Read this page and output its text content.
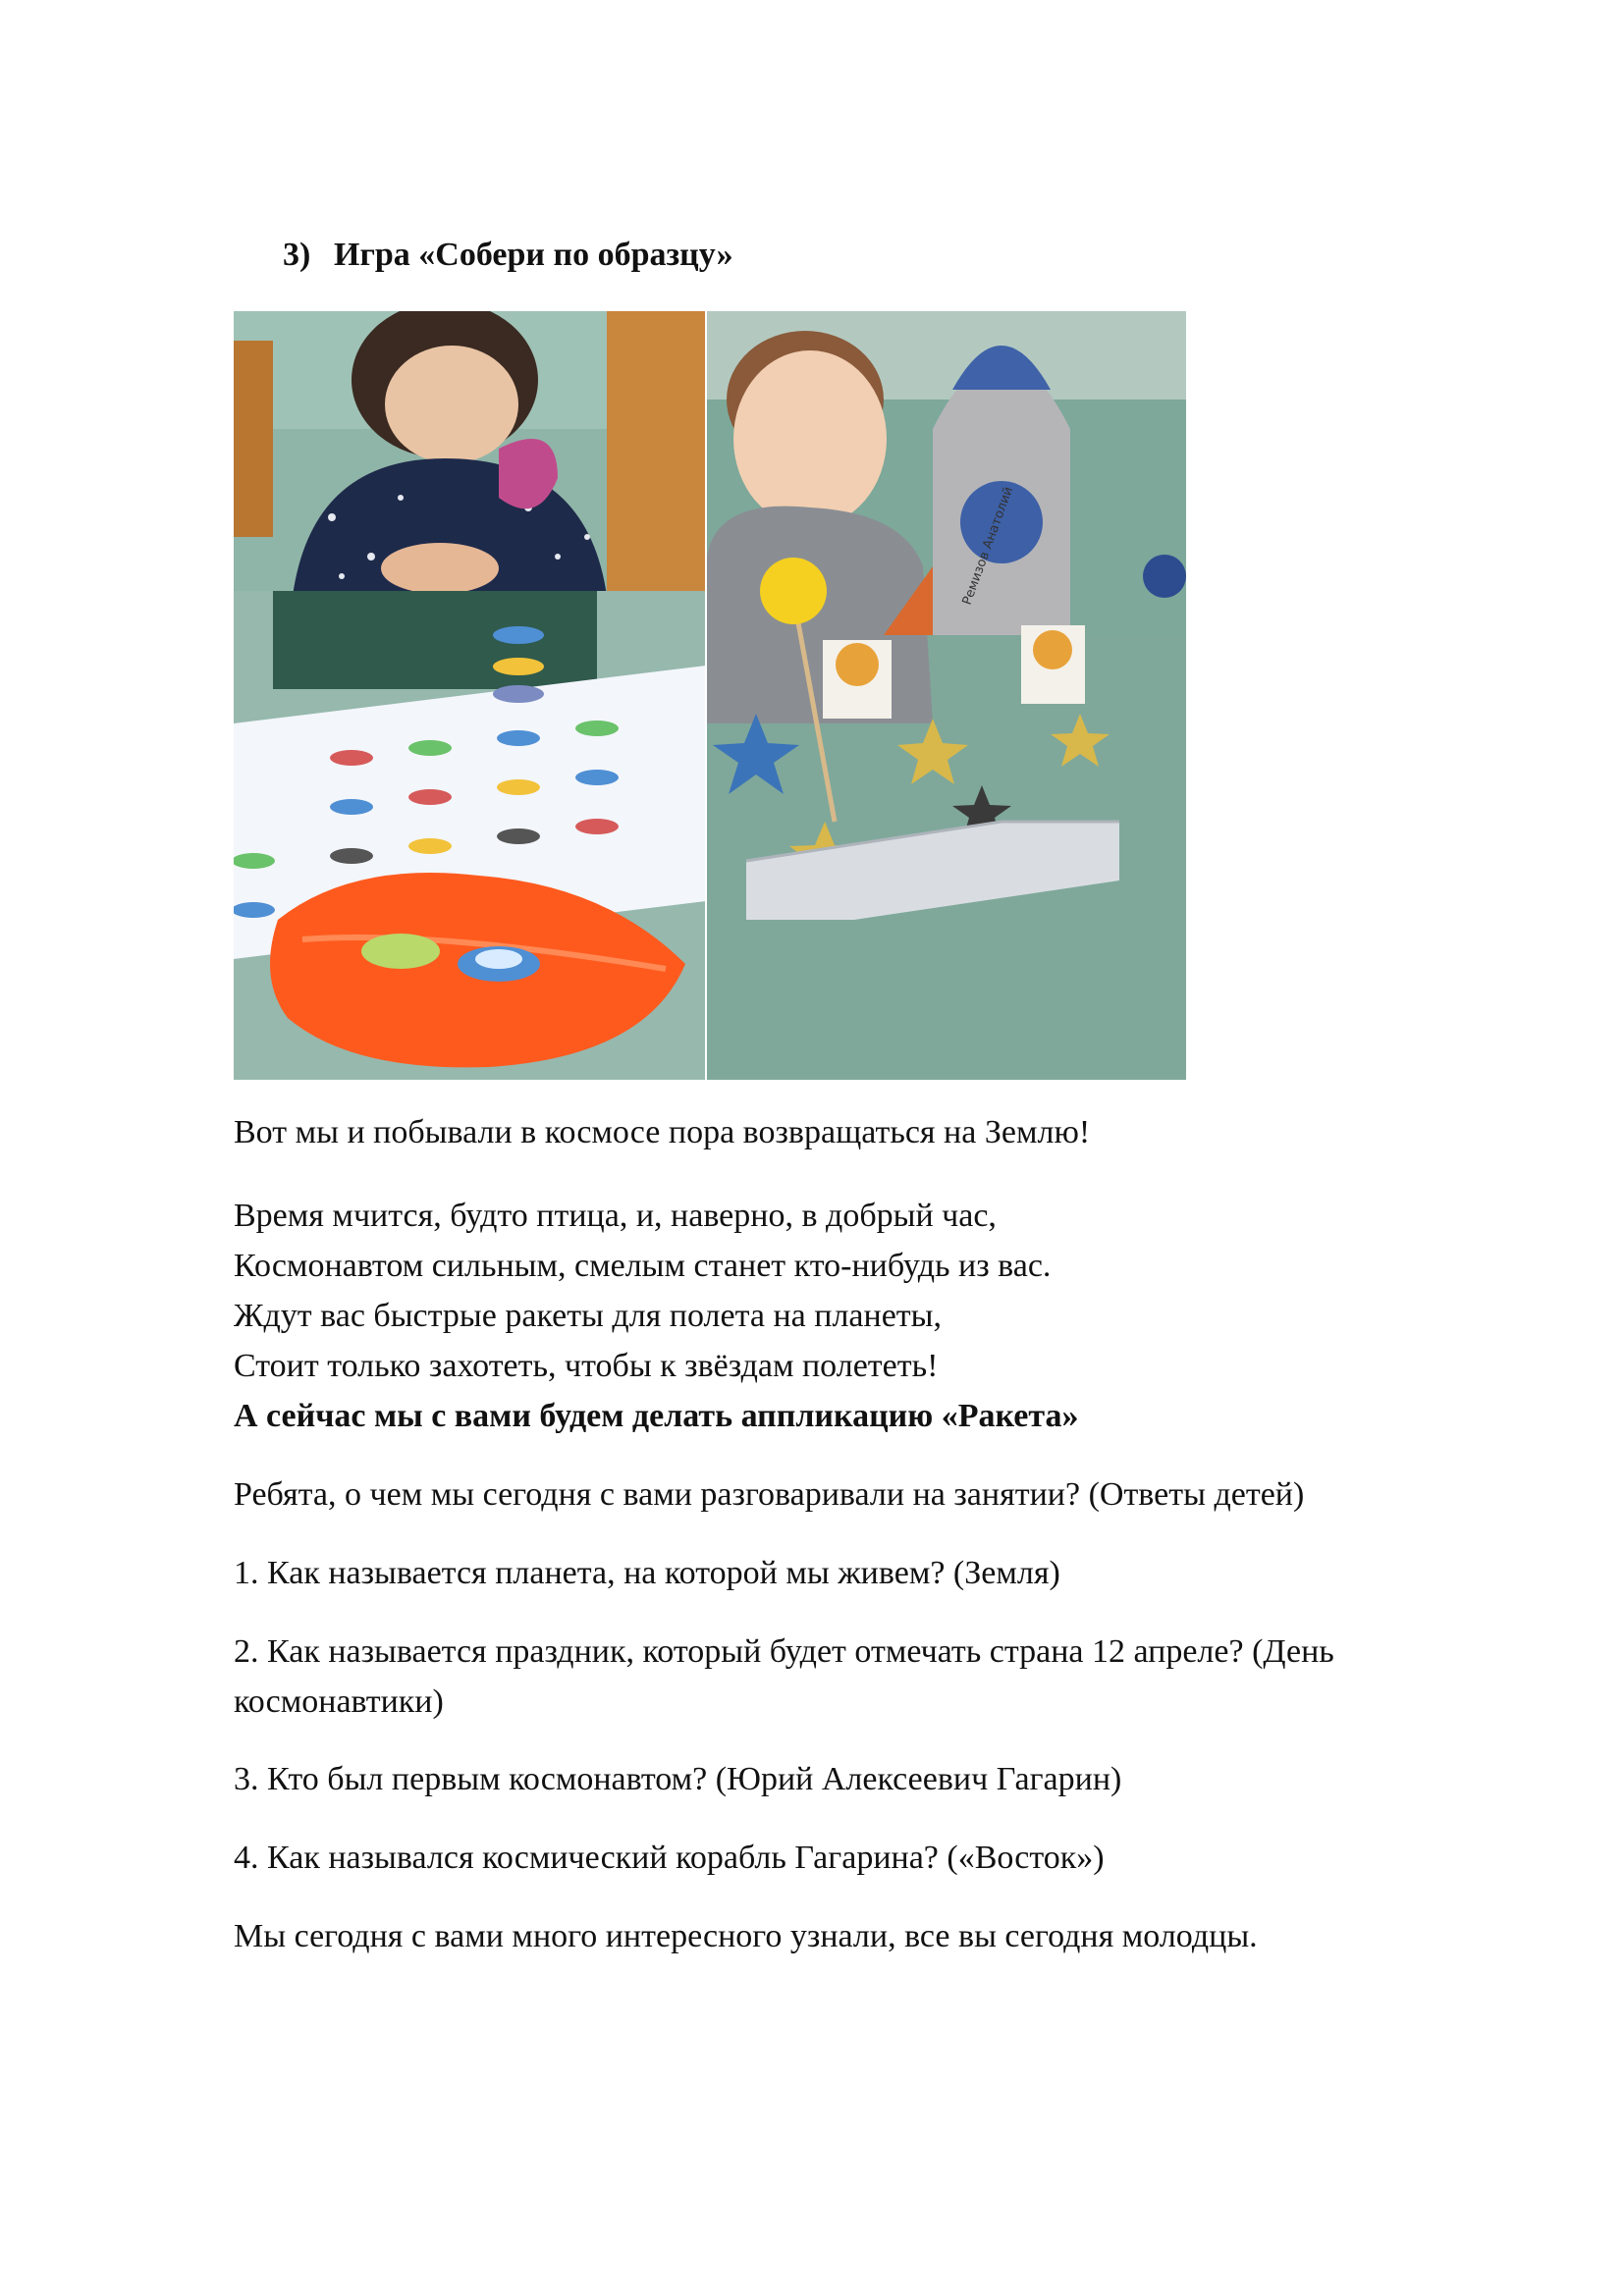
3) Игра «Собери по образцу»
Ремизов Анатолий

Вот мы и побывали в космосе пора возвращаться на Землю!

Время мчится, будто птица, и, наверно, в добрый час,
Космонавтом сильным, смелым станет кто-нибудь из вас.
Ждут вас быстрые ракеты для полета на планеты,
Стоит только захотеть, чтобы к звёздам полететь!
А сейчас мы с вами будем делать аппликацию «Ракета»

Ребята, о чем мы сегодня с вами разговаривали на занятии? (Ответы детей)

1. Как называется планета, на которой мы живем? (Земля)

2. Как называется праздник, который будет отмечать страна 12 апреле? (День космонавтики)

3. Кто был первым космонавтом? (Юрий Алексеевич Гагарин)

4. Как назывался космический корабль Гагарина? («Восток»)

Мы сегодня с вами много интересного узнали, все вы сегодня молодцы.
